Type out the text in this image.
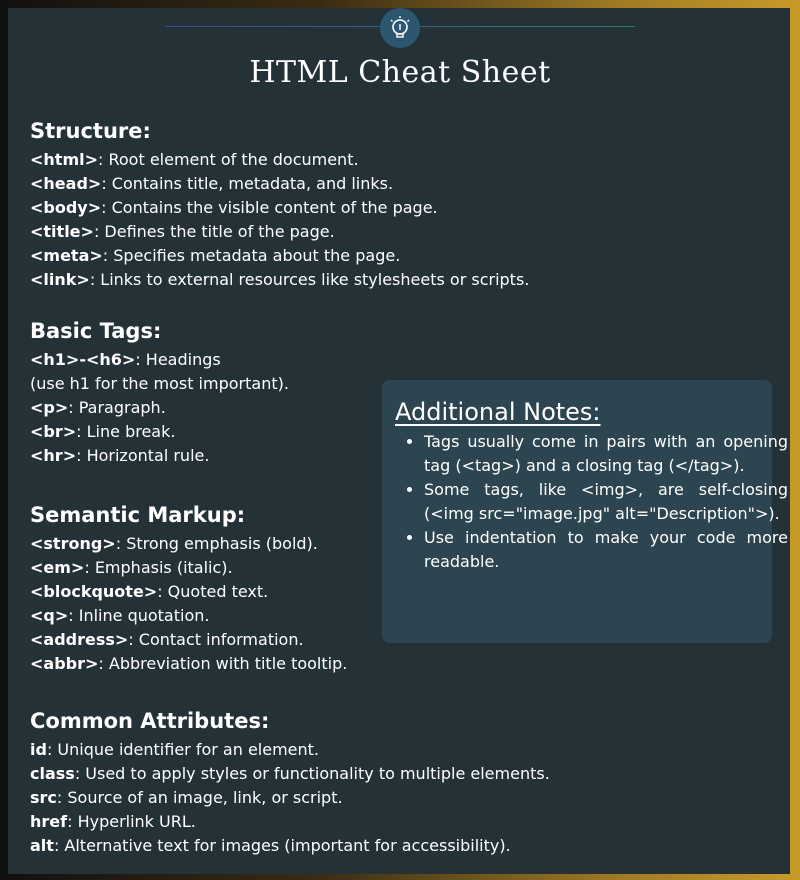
HTML Cheat Sheet
Structure:
<html>: Root element of the document.
<head>: Contains title, metadata, and links.
<body>: Contains the visible content of the page.
<title>: Defines the title of the page.
<meta>: Specifies metadata about the page.
<link>: Links to external resources like stylesheets or scripts.
Basic Tags:
<h1>-<h6>: Headings
(use h1 for the most important).
<p>: Paragraph.
<br>: Line break.
<hr>: Horizontal rule.
Semantic Markup:
<strong>: Strong emphasis (bold).
<em>: Emphasis (italic).
<blockquote>: Quoted text.
<q>: Inline quotation.
<address>: Contact information.
<abbr>: Abbreviation with title tooltip.
Common Attributes:
id: Unique identifier for an element.
class: Used to apply styles or functionality to multiple elements.
src: Source of an image, link, or script.
href: Hyperlink URL.
alt: Alternative text for images (important for accessibility).
Additional Notes:
• Tags usually come in pairs with an opening tag (<tag>) and a closing tag (</tag>).
• Some tags, like <img>, are self-closing (<img src="image.jpg" alt="Description">).
• Use indentation to make your code more readable.
